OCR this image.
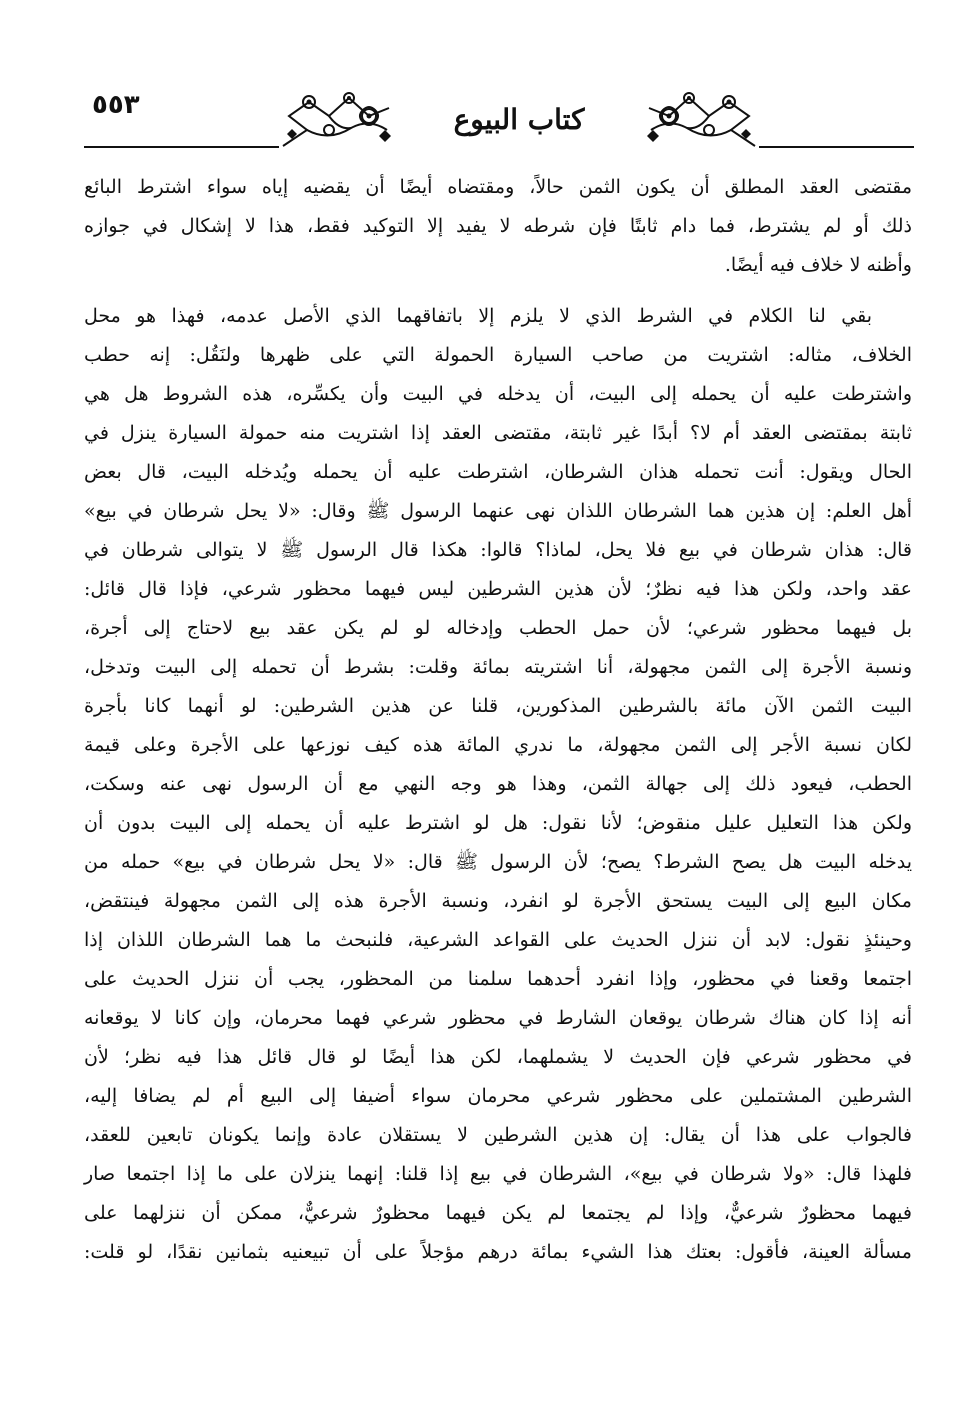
٥٥٣	كتاب البيوع
مقتضى العقد المطلق أن يكون الثمن حالاً، ومقتضاه أيضًا أن يقضيه إياه سواء اشترط البائع
ذلك أو لم يشترط، فما دام ثابتًا فإن شرطه لا يفيد إلا التوكيد فقط، هذا لا إشكال في جوازه
وأظنه لا خلاف فيه أيضًا.
بقي لنا الكلام في الشرط الذي لا يلزم إلا باتفاقهما الذي الأصل عدمه، فهذا هو محل
الخلاف، مثاله: اشتريت من صاحب السيارة الحمولة التي على ظهرها ولنَقُل: إنه حطب
واشترطت عليه أن يحمله إلى البيت، أن يدخله في البيت وأن يكسِّره، هذه الشروط هل هي
ثابتة بمقتضى العقد أم لا؟ أبدًا غير ثابتة، مقتضى العقد إذا اشتريت منه حمولة السيارة ينزل في
الحال ويقول: أنت تحمله هذان الشرطان، اشترطت عليه أن يحمله ويُدخله البيت، قال بعض
أهل العلم: إن هذين هما الشرطان اللذان نهى عنهما الرسول ﷺ وقال: «لا يحل شرطان في بيع»
قال: هذان شرطان في بيع فلا يحل، لماذا؟ قالوا: هكذا قال الرسول ﷺ لا يتوالى شرطان في
عقد واحد، ولكن هذا فيه نظرٌ؛ لأن هذين الشرطين ليس فيهما محظور شرعي، فإذا قال قائل:
بل فيهما محظور شرعي؛ لأن حمل الحطب وإدخاله لو لم يكن عقد بيع لاحتاج إلى أجرة،
ونسبة الأجرة إلى الثمن مجهولة، أنا اشتريته بمائة وقلت: بشرط أن تحمله إلى البيت وتدخل،
البيت الثمن الآن مائة بالشرطين المذكورين، قلنا عن هذين الشرطين: لو أنهما كانا بأجرة
لكان نسبة الأجر إلى الثمن مجهولة، ما ندري المائة هذه كيف نوزعها على الأجرة وعلى قيمة
الحطب، فيعود ذلك إلى جهالة الثمن، وهذا هو وجه النهي مع أن الرسول نهى عنه وسكت،
ولكن هذا التعليل عليل منقوض؛ لأنا نقول: هل لو اشترط عليه أن يحمله إلى البيت بدون أن
يدخله البيت هل يصح الشرط؟ يصح؛ لأن الرسول ﷺ قال: «لا يحل شرطان في بيع» حمله من
مكان البيع إلى البيت يستحق الأجرة لو انفرد، ونسبة الأجرة هذه إلى الثمن مجهولة فينتقض،
وحينئذٍ نقول: لابد أن ننزل الحديث على القواعد الشرعية، فلنبحث ما هما الشرطان اللذان إذا
اجتمعا وقعنا في محظور، وإذا انفرد أحدهما سلمنا من المحظور، يجب أن ننزل الحديث على
أنه إذا كان هناك شرطان يوقعان الشارط في محظور شرعي فهما محرمان، وإن كانا لا يوقعانه
في محظور شرعي فإن الحديث لا يشملهما، لكن هذا أيضًا لو قال قائل هذا فيه نظر؛ لأن
الشرطين المشتملين على محظور شرعي محرمان سواء أضيفا إلى البيع أم لم يضافا إليه،
فالجواب على هذا أن يقال: إن هذين الشرطين لا يستقلان عادة وإنما يكونان تابعين للعقد،
فلهذا قال: «ولا شرطان في بيع»، الشرطان في بيع إذا قلنا: إنهما ينزلان على ما إذا اجتمعا صار
فيهما محظورٌ شرعيٌّ، وإذا لم يجتمعا لم يكن فيهما محظورٌ شرعيٌّ، ممكن أن ننزلهما على
مسألة العينة، فأقول: بعتك هذا الشيء بمائة درهم مؤجلاً على أن تبيعنيه بثمانين نقدًا، لو قلت:
